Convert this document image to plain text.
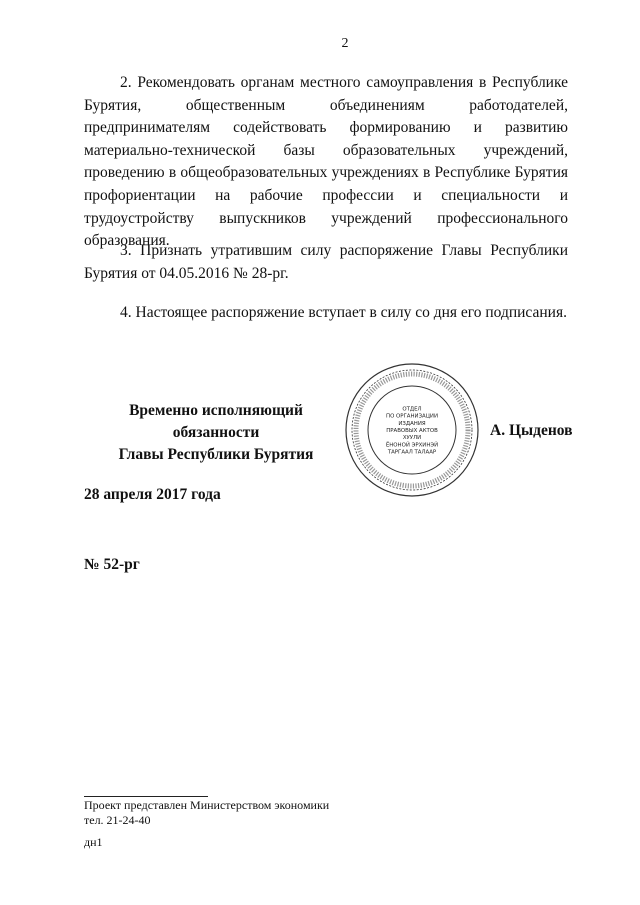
2

2. Рекомендовать органам местного самоуправления в Республике Бурятия, общественным объединениям работодателей, предпринимателям содействовать формированию и развитию материально-технической базы образовательных учреждений, проведению в общеобразовательных учреждениях в Республике Бурятия профориентации на рабочие профессии и специальности и трудоустройству выпускников учреждений профессионального образования.

3. Признать утратившим силу распоряжение Главы Республики Бурятия от 04.05.2016 № 28-рг.

4. Настоящее распоряжение вступает в силу со дня его подписания.

Временно исполняющий обязанности
Главы Республики Бурятия
ОТДЕЛ
ПО ОРГАНИЗАЦИИ
ИЗДАНИЯ
ПРАВОВЫХ АКТОВ
ХУУЛИ
ЁНОНОЙ ЭРХИНЭЙ
ТАРГААЛ ТАЛААР
А. Цыденов
28 апреля 2017 года
№ 52-рг
Проект представлен Министерством экономики
тел. 21-24-40
дн1
